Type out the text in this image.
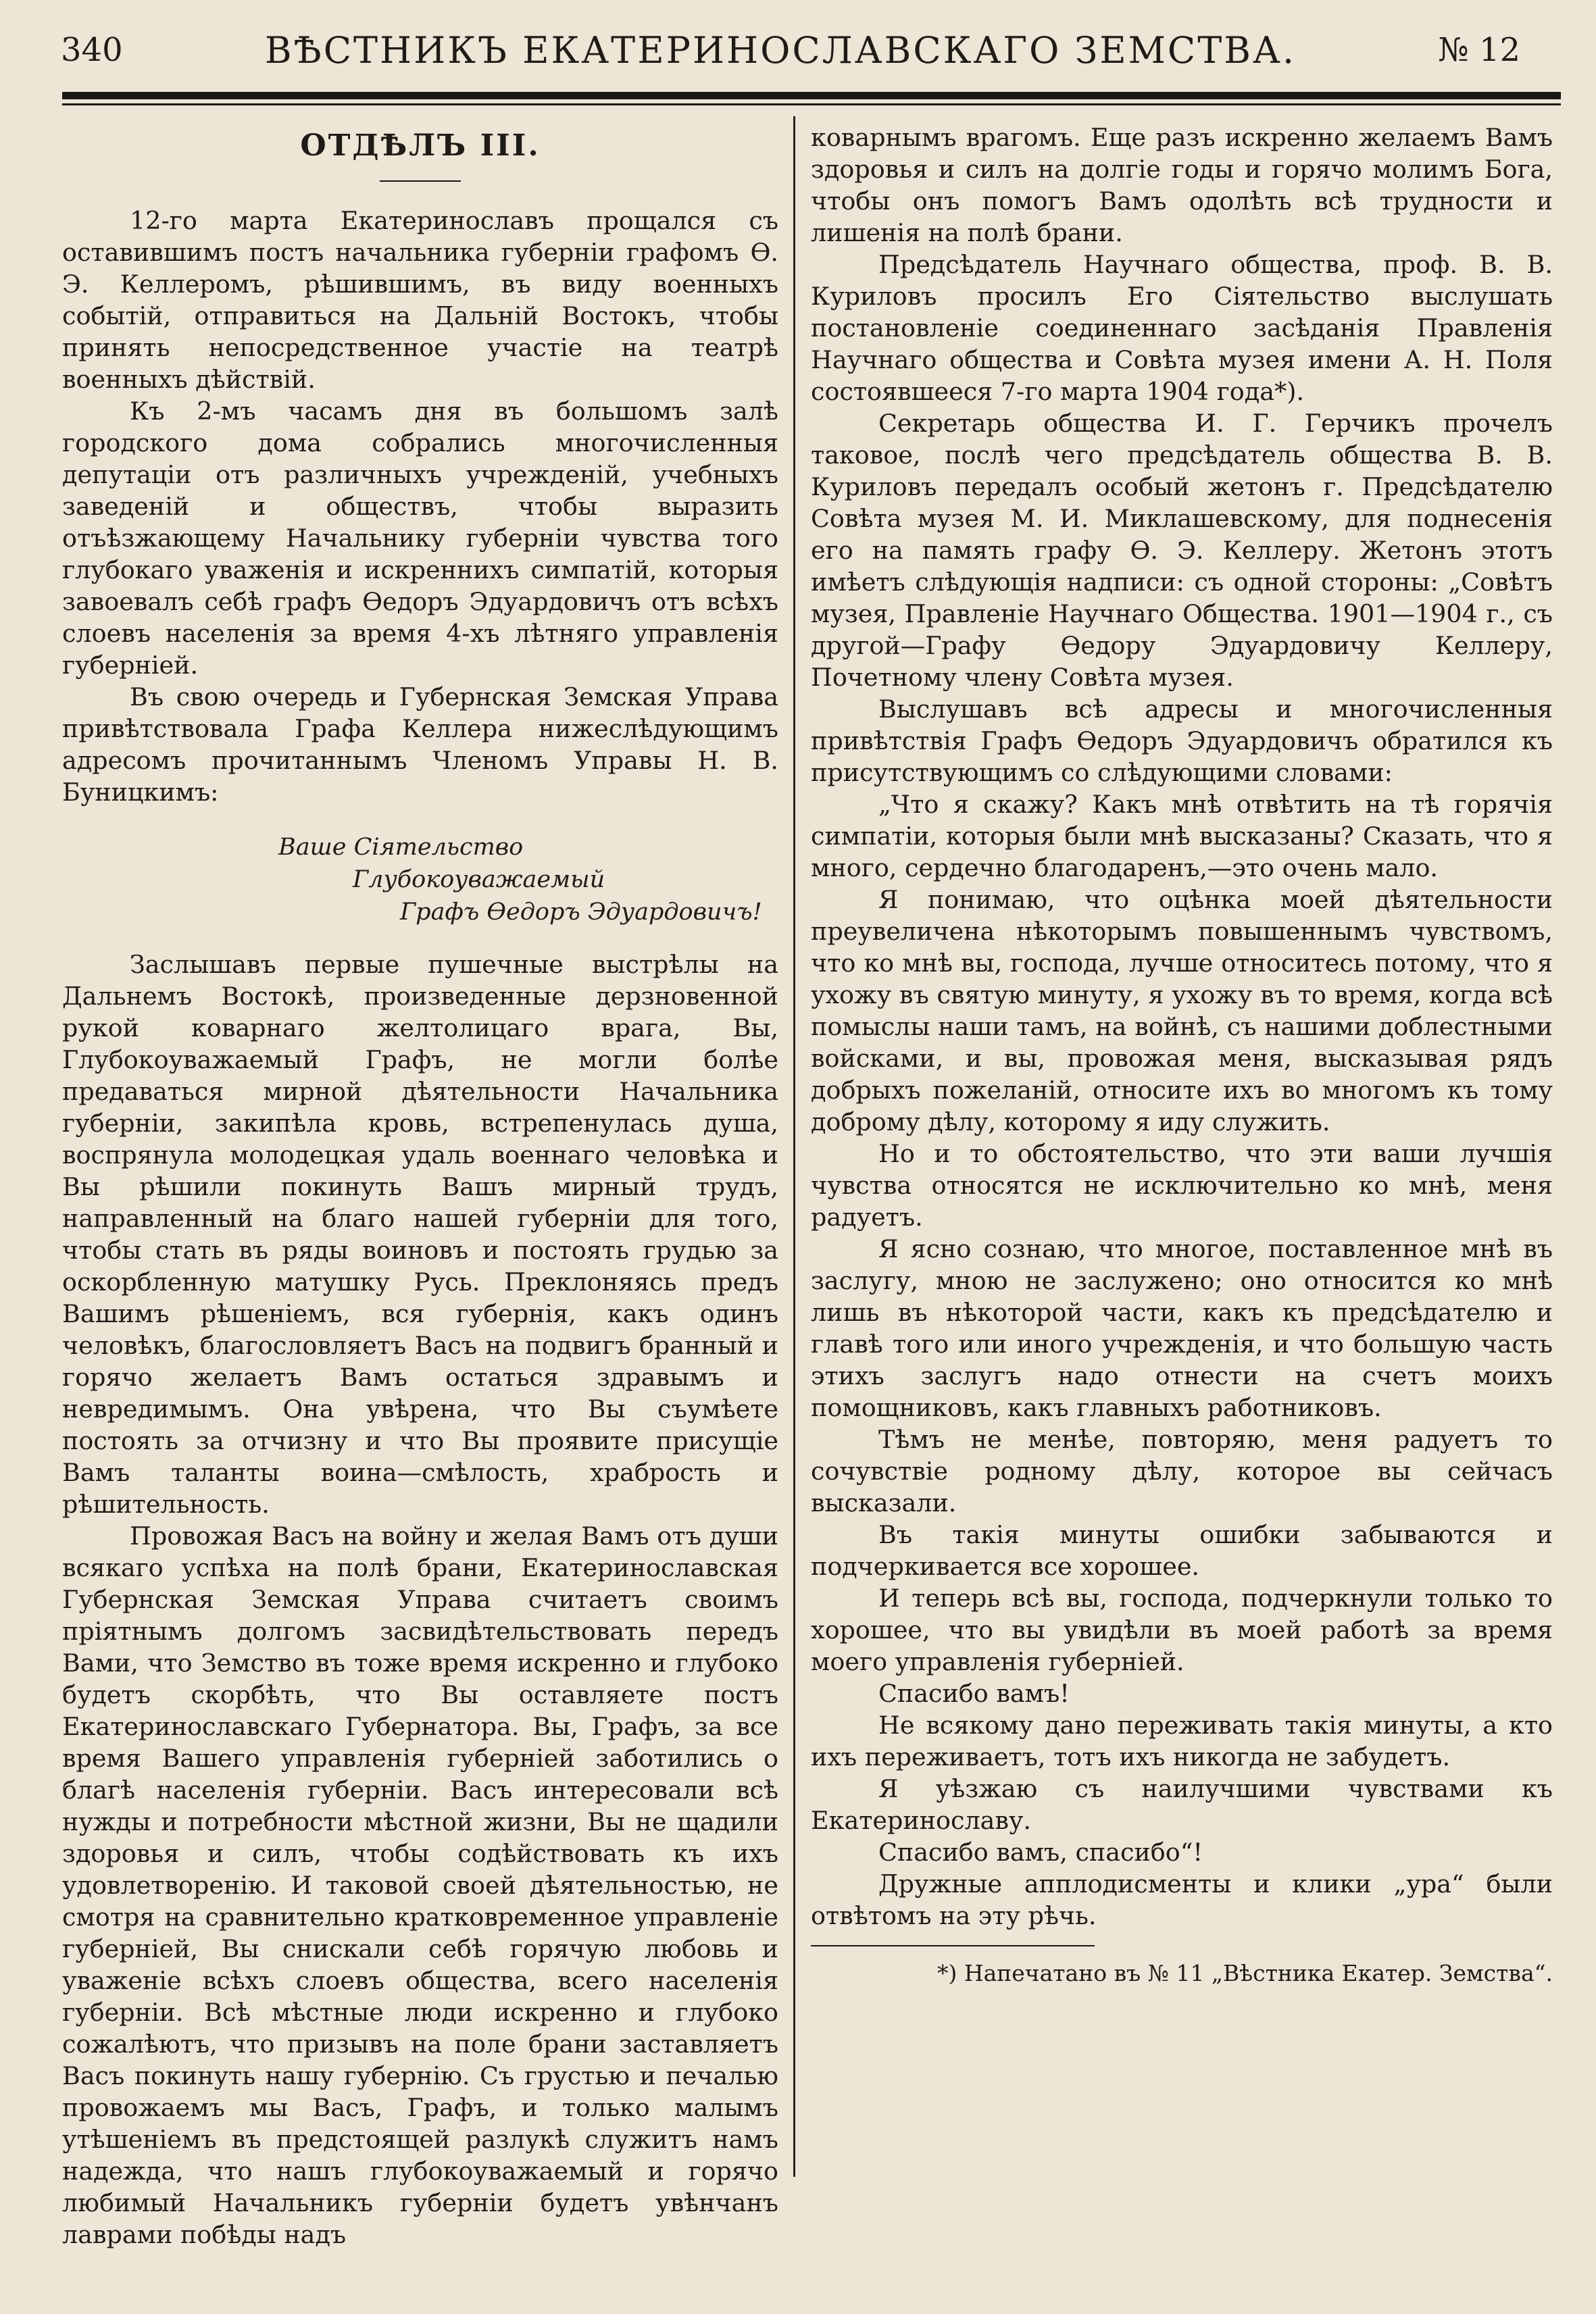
340	ВѢСТНИКЪ ЕКАТЕРИНОСЛАВСКАГО ЗЕМСТВА.	№ 12
ОТДѢЛЪ III.

12-го марта Екатеринославъ прощался съ оставившимъ постъ начальника губерніи графомъ Ѳ. Э. Келлеромъ, рѣшившимъ, въ виду военныхъ событій, отправиться на Дальній Востокъ, чтобы принять непосредственное участіе на театрѣ военныхъ дѣйствій.

Къ 2-мъ часамъ дня въ большомъ залѣ городского дома собрались многочисленныя депутаціи отъ различныхъ учрежденій, учебныхъ заведеній и обществъ, чтобы выразить отъѣзжающему Начальнику губерніи чувства того глубокаго уваженія и искреннихъ симпатій, которыя завоевалъ себѣ графъ Ѳедоръ Эдуардовичъ отъ всѣхъ слоевъ населенія за время 4-хъ лѣтняго управленія губерніей.

Въ свою очередь и Губернская Земская Управа привѣтствовала Графа Келлера нижеслѣдующимъ адресомъ прочитаннымъ Членомъ Управы Н. В. Буницкимъ:

Ваше Сіятельство
Глубокоуважаемый
Графъ Ѳедоръ Эдуардовичъ!

Заслышавъ первые пушечные выстрѣлы на Дальнемъ Востокѣ, произведенные дерзновенной рукой коварнаго желтолицаго врага, Вы, Глубокоуважаемый Графъ, не могли болѣе предаваться мирной дѣятельности Начальника губерніи, закипѣла кровь, встрепенулась душа, воспрянула молодецкая удаль военнаго человѣка и Вы рѣшили покинуть Вашъ мирный трудъ, направленный на благо нашей губерніи для того, чтобы стать въ ряды воиновъ и постоять грудью за оскорбленную матушку Русь. Преклоняясь предъ Вашимъ рѣшеніемъ, вся губернія, какъ одинъ человѣкъ, благословляетъ Васъ на подвигъ бранный и горячо желаетъ Вамъ остаться здравымъ и невредимымъ. Она увѣрена, что Вы съумѣете постоять за отчизну и что Вы проявите присущіе Вамъ таланты воина—смѣлость, храбрость и рѣшительность.

Провожая Васъ на войну и желая Вамъ отъ души всякаго успѣха на полѣ брани, Екатеринославская Губернская Земская Управа считаетъ своимъ пріятнымъ долгомъ засвидѣтельствовать передъ Вами, что Земство въ тоже время искренно и глубоко будетъ скорбѣть, что Вы оставляете постъ Екатеринославскаго Губернатора. Вы, Графъ, за все время Вашего управленія губерніей заботились о благѣ населенія губерніи. Васъ интересовали всѣ нужды и потребности мѣстной жизни, Вы не щадили здоровья и силъ, чтобы содѣйствовать къ ихъ удовлетворенію. И таковой своей дѣятельностью, не смотря на сравнительно кратковременное управленіе губерніей, Вы снискали себѣ горячую любовь и уваженіе всѣхъ слоевъ общества, всего населенія губерніи. Всѣ мѣстные люди искренно и глубоко сожалѣютъ, что призывъ на поле брани заставляетъ Васъ покинуть нашу губернію. Съ грустью и печалью провожаемъ мы Васъ, Графъ, и только малымъ утѣшеніемъ въ предстоящей разлукѣ служитъ намъ надежда, что нашъ глубокоуважаемый и горячо любимый Начальникъ губерніи будетъ увѣнчанъ лаврами побѣды надъ

коварнымъ врагомъ. Еще разъ искренно желаемъ Вамъ здоровья и силъ на долгіе годы и горячо молимъ Бога, чтобы онъ помогъ Вамъ одолѣть всѣ трудности и лишенія на полѣ брани.

Предсѣдатель Научнаго общества, проф. В. В. Куриловъ просилъ Его Сіятельство выслушать постановленіе соединеннаго засѣданія Правленія Научнаго общества и Совѣта музея имени А. Н. Поля состоявшееся 7-го марта 1904 года*).

Секретарь общества И. Г. Герчикъ прочелъ таковое, послѣ чего предсѣдатель общества В. В. Куриловъ передалъ особый жетонъ г. Предсѣдателю Совѣта музея М. И. Миклашевскому, для поднесенія его на память графу Ѳ. Э. Келлеру. Жетонъ этотъ имѣетъ слѣдующія надписи: съ одной стороны: „Совѣтъ музея, Правленіе Научнаго Общества. 1901—1904 г., съ другой—Графу Ѳедору Эдуардовичу Келлеру, Почетному члену Совѣта музея.

Выслушавъ всѣ адресы и многочисленныя привѣтствія Графъ Ѳедоръ Эдуардовичъ обратился къ присутствующимъ со слѣдующими словами:

„Что я скажу? Какъ мнѣ отвѣтить на тѣ горячія симпатіи, которыя были мнѣ высказаны? Сказать, что я много, сердечно благодаренъ,—это очень мало.

Я понимаю, что оцѣнка моей дѣятельности преувеличена нѣкоторымъ повышеннымъ чувствомъ, что ко мнѣ вы, господа, лучше относитесь потому, что я ухожу въ святую минуту, я ухожу въ то время, когда всѣ помыслы наши тамъ, на войнѣ, съ нашими доблестными войсками, и вы, провожая меня, высказывая рядъ добрыхъ пожеланій, относите ихъ во многомъ къ тому доброму дѣлу, которому я иду служить.

Но и то обстоятельство, что эти ваши лучшія чувства относятся не исключительно ко мнѣ, меня радуетъ.

Я ясно сознаю, что многое, поставленное мнѣ въ заслугу, мною не заслужено; оно относится ко мнѣ лишь въ нѣкоторой части, какъ къ предсѣдателю и главѣ того или иного учрежденія, и что большую часть этихъ заслугъ надо отнести на счетъ моихъ помощниковъ, какъ главныхъ работниковъ.

Тѣмъ не менѣе, повторяю, меня радуетъ то сочувствіе родному дѣлу, которое вы сейчасъ высказали.

Въ такія минуты ошибки забываются и подчеркивается все хорошее.

И теперь всѣ вы, господа, подчеркнули только то хорошее, что вы увидѣли въ моей работѣ за время моего управленія губерніей.

Спасибо вамъ!

Не всякому дано переживать такія минуты, а кто ихъ переживаетъ, тотъ ихъ никогда не забудетъ.

Я уѣзжаю съ наилучшими чувствами къ Екатеринославу.

Спасибо вамъ, спасибо“!

Дружные апплодисменты и клики „ура“ были отвѣтомъ на эту рѣчь.

*) Напечатано въ № 11 „Вѣстника Екатер. Земства“.
